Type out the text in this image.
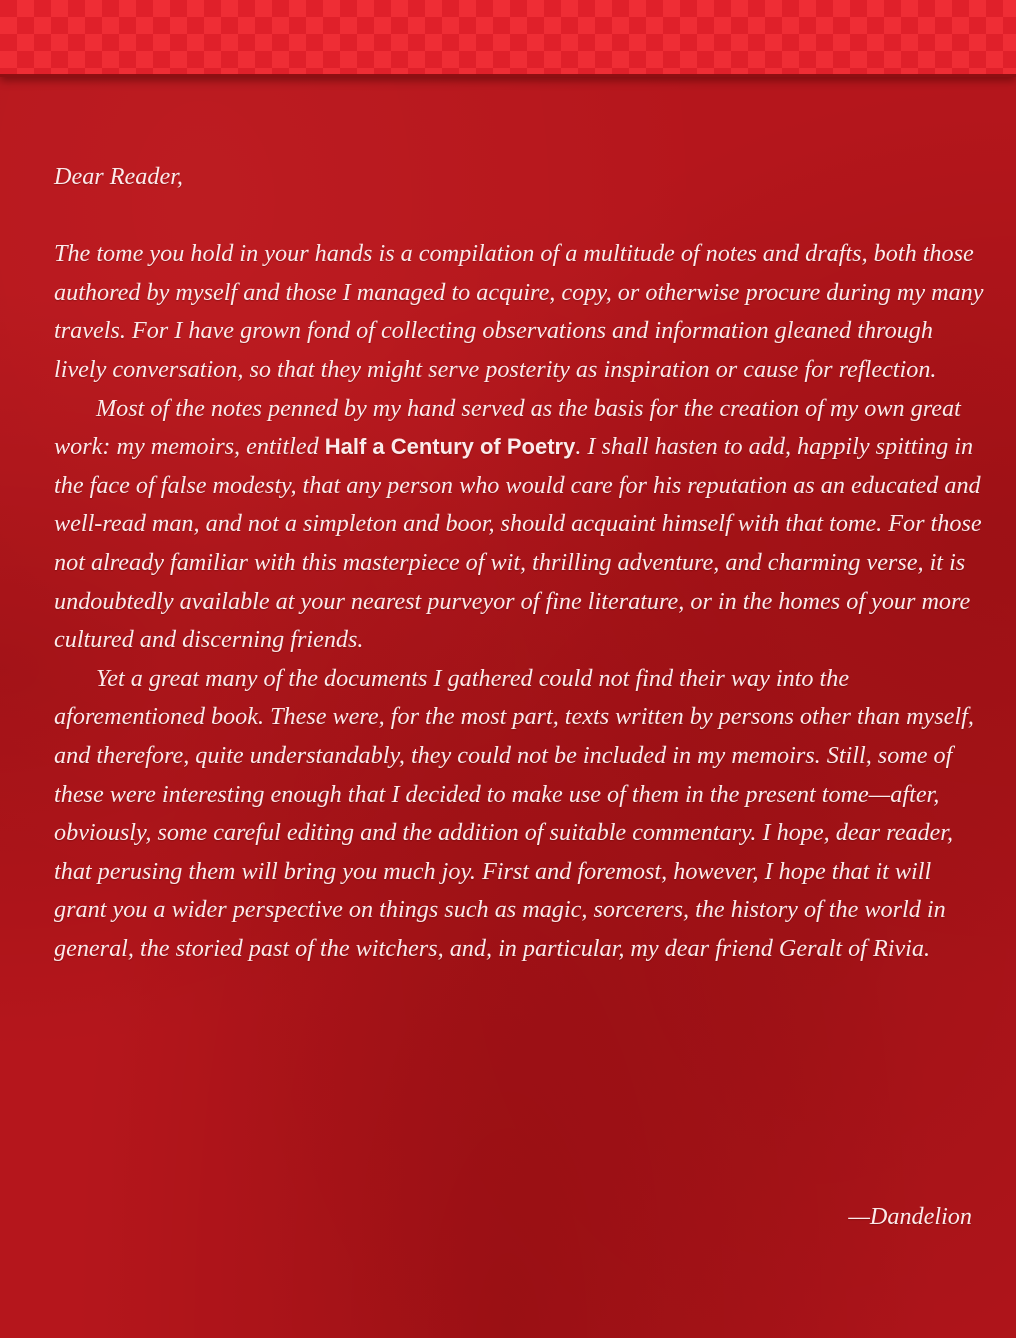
Dear Reader,

The tome you hold in your hands is a compilation of a multitude of notes and drafts, both those authored by myself and those I managed to acquire, copy, or otherwise procure during my many travels. For I have grown fond of collecting observations and information gleaned through lively conversation, so that they might serve posterity as inspiration or cause for reflection.

Most of the notes penned by my hand served as the basis for the creation of my own great work: my memoirs, entitled Half a Century of Poetry. I shall hasten to add, happily spitting in the face of false modesty, that any person who would care for his reputation as an educated and well-read man, and not a simpleton and boor, should acquaint himself with that tome. For those not already familiar with this masterpiece of wit, thrilling adventure, and charming verse, it is undoubtedly available at your nearest purveyor of fine literature, or in the homes of your more cultured and discerning friends.

Yet a great many of the documents I gathered could not find their way into the aforementioned book. These were, for the most part, texts written by persons other than myself, and therefore, quite understandably, they could not be included in my memoirs. Still, some of these were interesting enough that I decided to make use of them in the present tome—after, obviously, some careful editing and the addition of suitable commentary. I hope, dear reader, that perusing them will bring you much joy. First and foremost, however, I hope that it will grant you a wider perspective on things such as magic, sorcerers, the history of the world in general, the storied past of the witchers, and, in particular, my dear friend Geralt of Rivia.

—Dandelion
